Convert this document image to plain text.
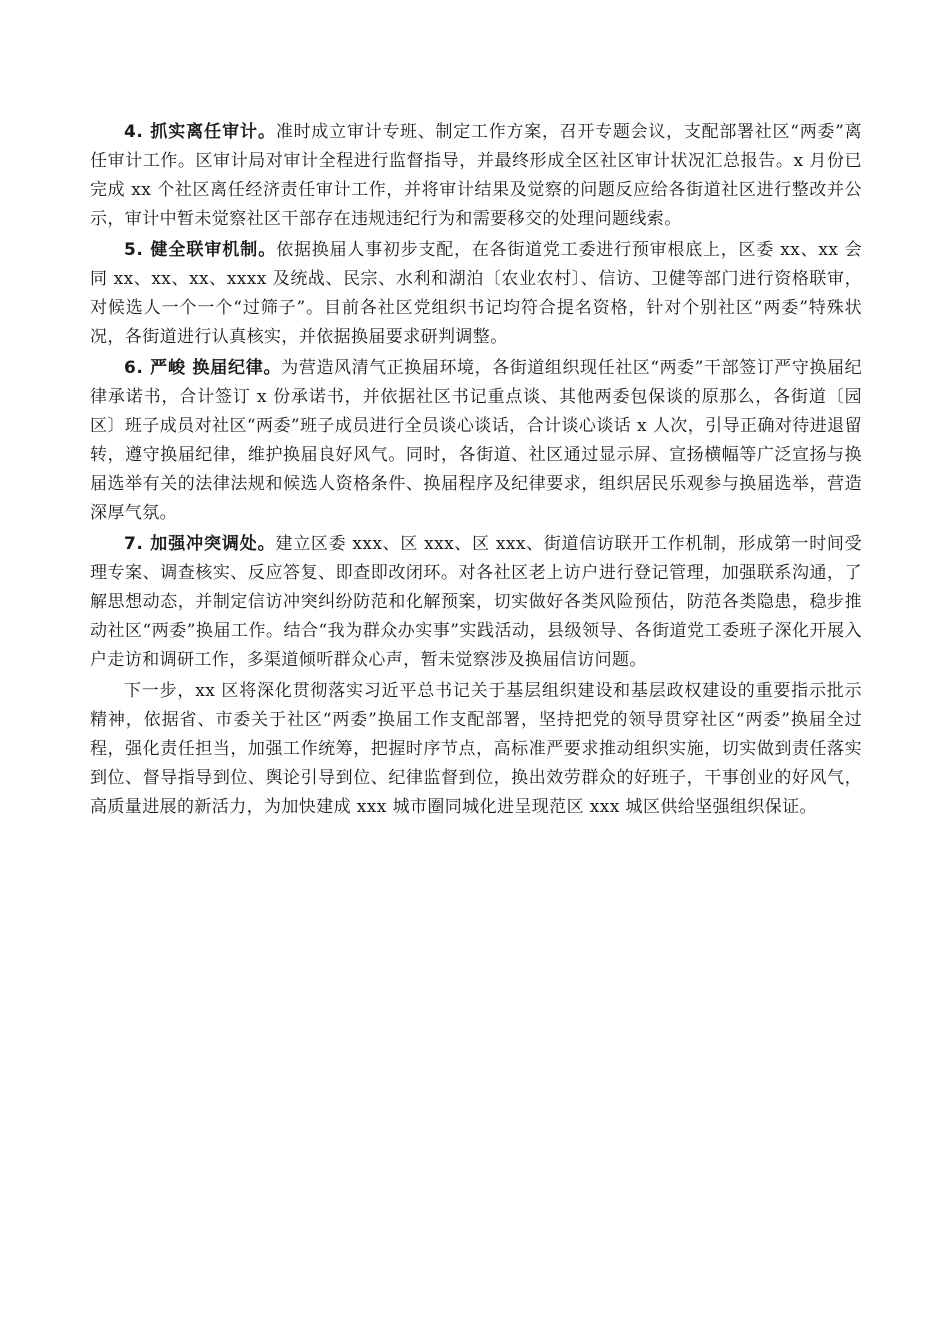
4. 抓实离任审计。准时成立审计专班、制定工作方案，召开专题会议，支配部署社区“两委”离任审计工作。区审计局对审计全程进行监督指导，并最终形成全区社区审计状况汇总报告。x 月份已完成 xx 个社区离任经济责任审计工作，并将审计结果及觉察的问题反应给各街道社区进行整改并公示，审计中暂未觉察社区干部存在违规违纪行为和需要移交的处理问题线索。

5. 健全联审机制。依据换届人事初步支配，在各街道党工委进行预审根底上，区委 xx、xx 会同 xx、xx、xx、xxxx 及统战、民宗、水利和湖泊〔农业农村〕、信访、卫健等部门进行资格联审，对候选人一个一个“过筛子”。目前各社区党组织书记均符合提名资格，针对个别社区“两委”特殊状况，各街道进行认真核实，并依据换届要求研判调整。

6. 严峻 换届纪律。为营造风清气正换届环境，各街道组织现任社区“两委”干部签订严守换届纪律承诺书，合计签订 x 份承诺书，并依据社区书记重点谈、其他两委包保谈的原那么，各街道〔园区〕班子成员对社区“两委”班子成员进行全员谈心谈话，合计谈心谈话 x 人次，引导正确对待进退留转，遵守换届纪律，维护换届良好风气。同时，各街道、社区通过显示屏、宣扬横幅等广泛宣扬与换届选举有关的法律法规和候选人资格条件、换届程序及纪律要求，组织居民乐观参与换届选举，营造深厚气氛。

7. 加强冲突调处。建立区委 xxx、区 xxx、区 xxx、街道信访联开工作机制，形成第一时间受理专案、调查核实、反应答复、即查即改闭环。对各社区老上访户进行登记管理，加强联系沟通，了解思想动态，并制定信访冲突纠纷防范和化解预案，切实做好各类风险预估，防范各类隐患，稳步推动社区“两委”换届工作。结合“我为群众办实事”实践活动，县级领导、各街道党工委班子深化开展入户走访和调研工作，多渠道倾听群众心声，暂未觉察涉及换届信访问题。

下一步，xx 区将深化贯彻落实习近平总书记关于基层组织建设和基层政权建设的重要指示批示精神，依据省、市委关于社区“两委”换届工作支配部署，坚持把党的领导贯穿社区“两委”换届全过程，强化责任担当，加强工作统筹，把握时序节点，高标准严要求推动组织实施，切实做到责任落实到位、督导指导到位、舆论引导到位、纪律监督到位，换出效劳群众的好班子，干事创业的好风气，高质量进展的新活力，为加快建成 xxx 城市圈同城化进呈现范区 xxx 城区供给坚强组织保证。
